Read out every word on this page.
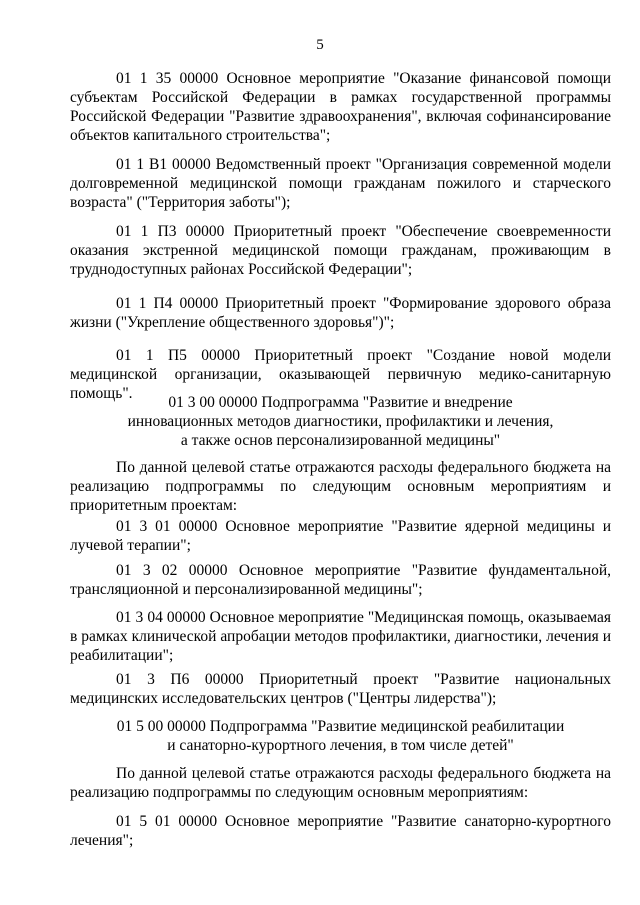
5

01 1 35 00000 Основное мероприятие "Оказание финансовой помощи субъектам Российской Федерации в рамках государственной программы Российской Федерации "Развитие здравоохранения", включая софинансирование объектов капитального строительства";

01 1 В1 00000 Ведомственный проект "Организация современной модели долговременной медицинской помощи гражданам пожилого и старческого возраста" ("Территория заботы");

01 1 П3 00000 Приоритетный проект "Обеспечение своевременности оказания экстренной медицинской помощи гражданам, проживающим в труднодоступных районах Российской Федерации";

01 1 П4 00000 Приоритетный проект "Формирование здорового образа жизни ("Укрепление общественного здоровья")";

01 1 П5 00000 Приоритетный проект "Создание новой модели медицинской организации, оказывающей первичную медико-санитарную помощь".

01 3 00 00000 Подпрограмма "Развитие и внедрение
инновационных методов диагностики, профилактики и лечения,
а также основ персонализированной медицины"

По данной целевой статье отражаются расходы федерального бюджета на реализацию подпрограммы по следующим основным мероприятиям и приоритетным проектам:

01 3 01 00000 Основное мероприятие "Развитие ядерной медицины и лучевой терапии";

01 3 02 00000 Основное мероприятие "Развитие фундаментальной, трансляционной и персонализированной медицины";

01 3 04 00000 Основное мероприятие "Медицинская помощь, оказываемая в рамках клинической апробации методов профилактики, диагностики, лечения и реабилитации";

01 3 П6 00000 Приоритетный проект "Развитие национальных медицинских исследовательских центров ("Центры лидерства");

01 5 00 00000 Подпрограмма "Развитие медицинской реабилитации
и санаторно-курортного лечения, в том числе детей"

По данной целевой статье отражаются расходы федерального бюджета на реализацию подпрограммы по следующим основным мероприятиям:

01 5 01 00000 Основное мероприятие "Развитие санаторно-курортного лечения";
